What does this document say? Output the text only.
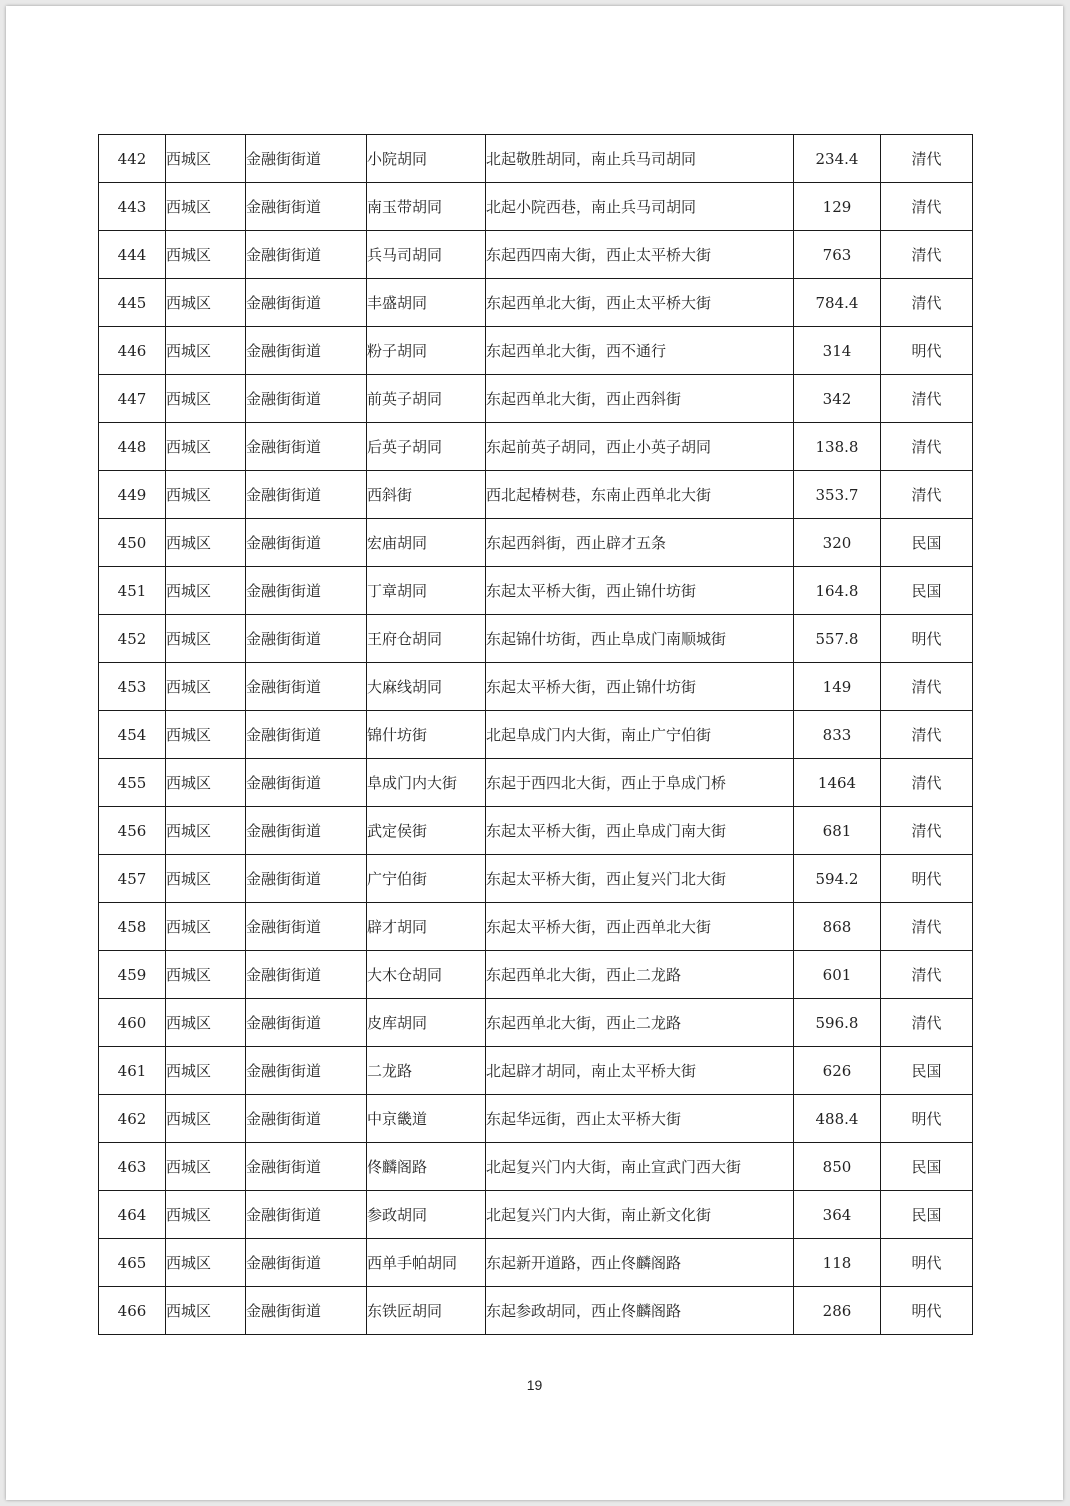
442	西城区	金融街街道	小院胡同	北起敬胜胡同，南止兵马司胡同	234.4	清代
443	西城区	金融街街道	南玉带胡同	北起小院西巷，南止兵马司胡同	129	清代
444	西城区	金融街街道	兵马司胡同	东起西四南大街，西止太平桥大街	763	清代
445	西城区	金融街街道	丰盛胡同	东起西单北大街，西止太平桥大街	784.4	清代
446	西城区	金融街街道	粉子胡同	东起西单北大街，西不通行	314	明代
447	西城区	金融街街道	前英子胡同	东起西单北大街，西止西斜街	342	清代
448	西城区	金融街街道	后英子胡同	东起前英子胡同，西止小英子胡同	138.8	清代
449	西城区	金融街街道	西斜街	西北起椿树巷，东南止西单北大街	353.7	清代
450	西城区	金融街街道	宏庙胡同	东起西斜街，西止辟才五条	320	民国
451	西城区	金融街街道	丁章胡同	东起太平桥大街，西止锦什坊街	164.8	民国
452	西城区	金融街街道	王府仓胡同	东起锦什坊街，西止阜成门南顺城街	557.8	明代
453	西城区	金融街街道	大麻线胡同	东起太平桥大街，西止锦什坊街	149	清代
454	西城区	金融街街道	锦什坊街	北起阜成门内大街，南止广宁伯街	833	清代
455	西城区	金融街街道	阜成门内大街	东起于西四北大街，西止于阜成门桥	1464	清代
456	西城区	金融街街道	武定侯街	东起太平桥大街，西止阜成门南大街	681	清代
457	西城区	金融街街道	广宁伯街	东起太平桥大街，西止复兴门北大街	594.2	明代
458	西城区	金融街街道	辟才胡同	东起太平桥大街，西止西单北大街	868	清代
459	西城区	金融街街道	大木仓胡同	东起西单北大街，西止二龙路	601	清代
460	西城区	金融街街道	皮库胡同	东起西单北大街，西止二龙路	596.8	清代
461	西城区	金融街街道	二龙路	北起辟才胡同，南止太平桥大街	626	民国
462	西城区	金融街街道	中京畿道	东起华远街，西止太平桥大街	488.4	明代
463	西城区	金融街街道	佟麟阁路	北起复兴门内大街，南止宣武门西大街	850	民国
464	西城区	金融街街道	参政胡同	北起复兴门内大街，南止新文化街	364	民国
465	西城区	金融街街道	西单手帕胡同	东起新开道路，西止佟麟阁路	118	明代
466	西城区	金融街街道	东铁匠胡同	东起参政胡同，西止佟麟阁路	286	明代
19
